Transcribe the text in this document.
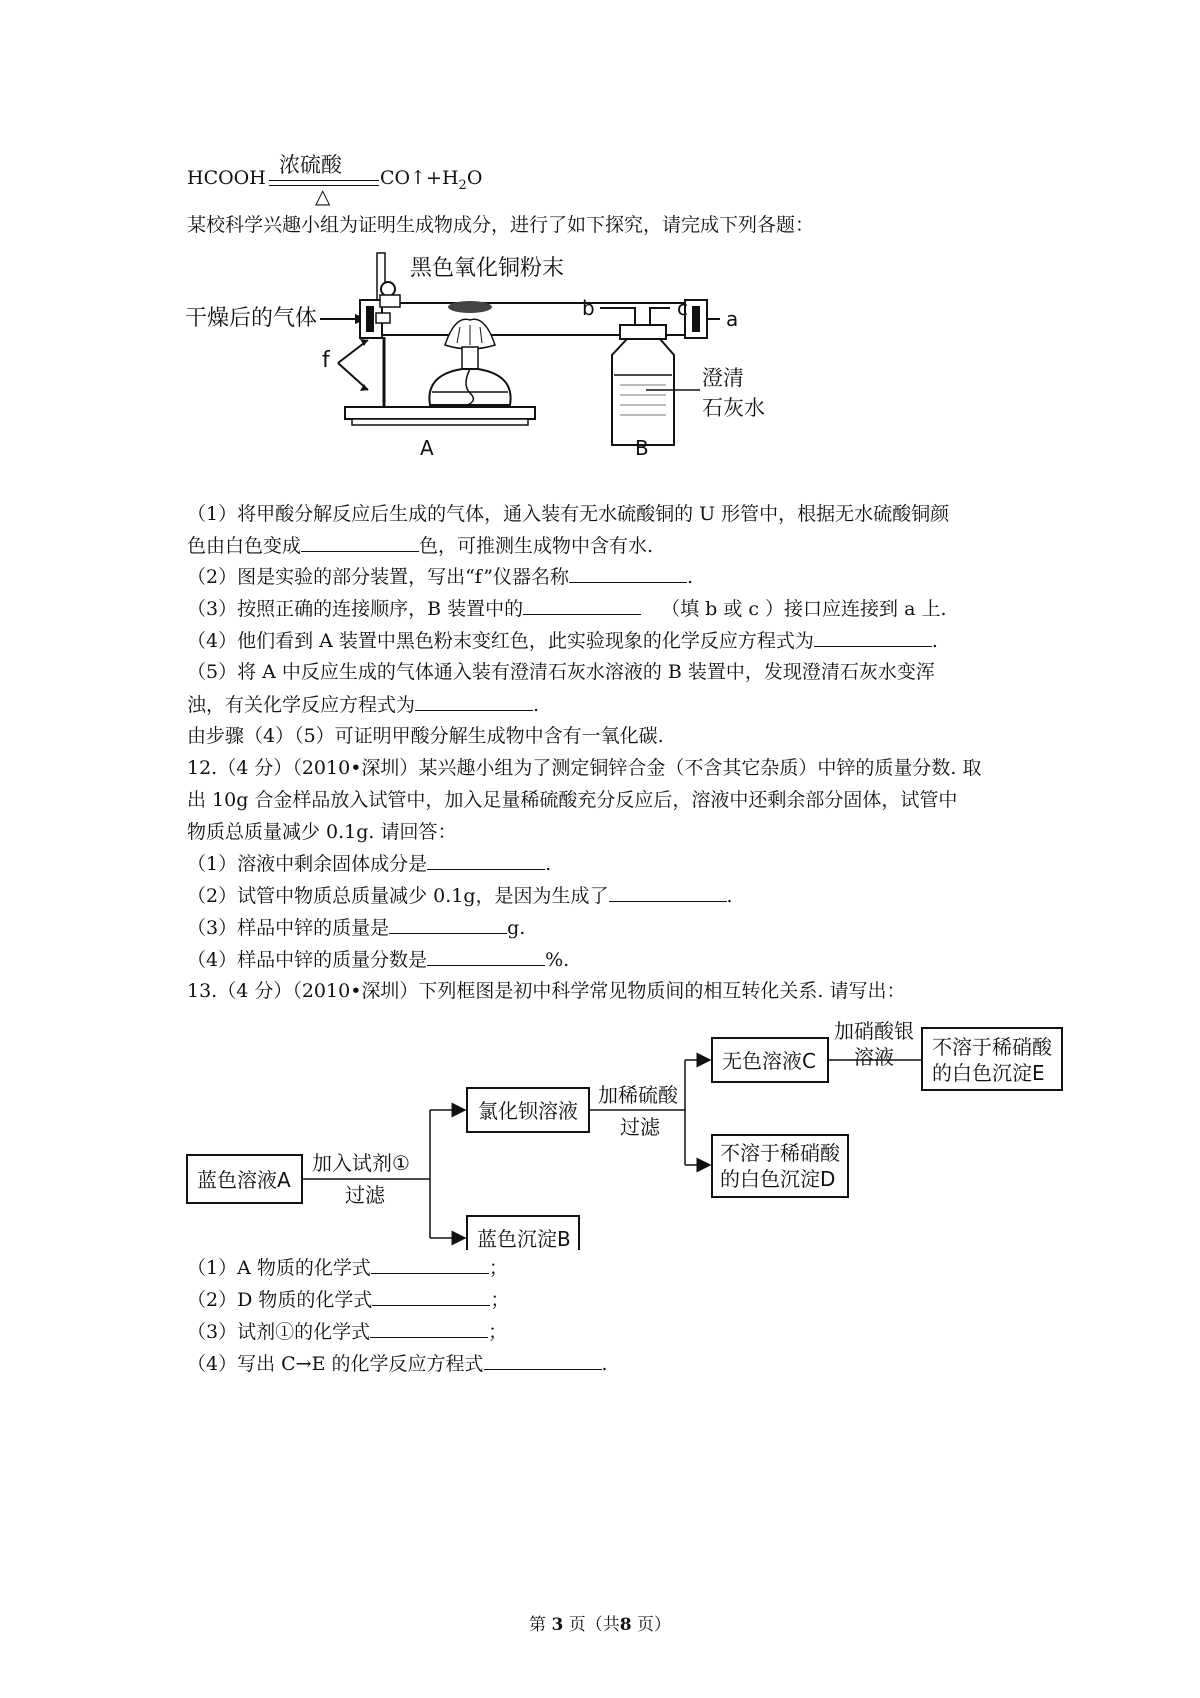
HCOOH
浓硫酸
△
$CO↑+H_2O$
某校科学兴趣小组为证明生成物成分，进行了如下探究，请完成下列各题：
黑色氧化铜粉末
干燥后的气体	a
f
A
b	c
澄清
石灰水
B
（1）将甲酸分解反应后生成的气体，通入装有无水硫酸铜的 U 形管中，根据无水硫酸铜颜
色由白色变成	色，可推测生成物中含有水.
（2）图是实验的部分装置，写出“f”仪器名称	.
（3）按照正确的连接顺序，B 装置中的	（填 b 或 c ）接口应连接到 a 上.
（4）他们看到 A 装置中黑色粉末变红色，此实验现象的化学反应方程式为	.
（5）将 A 中反应生成的气体通入装有澄清石灰水溶液的 B 装置中，发现澄清石灰水变浑
浊，有关化学反应方程式为	.
由步骤（4）（5）可证明甲酸分解生成物中含有一氧化碳.
12.（4 分）（2010•深圳）某兴趣小组为了测定铜锌合金（不含其它杂质）中锌的质量分数. 取
出 10g 合金样品放入试管中，加入足量稀硫酸充分反应后，溶液中还剩余部分固体，试管中
物质总质量减少 0.1g. 请回答：
（1）溶液中剩余固体成分是	.
（2）试管中物质总质量减少 0.1g，是因为生成了	.
（3）样品中锌的质量是	g.
（4）样品中锌的质量分数是	%.
13.（4 分）（2010•深圳）下列框图是初中科学常见物质间的相互转化关系. 请写出：
蓝色溶液A
加入试剂①
过滤
氯化钡溶液
蓝色沉淀B
加稀硫酸
过滤
无色溶液C
不溶于稀硝酸
的白色沉淀D
加硝酸银
溶液 不溶于稀硝酸
的白色沉淀E
（1）A 物质的化学式	；
（2）D 物质的化学式	；
（3）试剂①的化学式	；
（4）写出 C→E 的化学反应方程式	.
第 3 页（共8 页）
